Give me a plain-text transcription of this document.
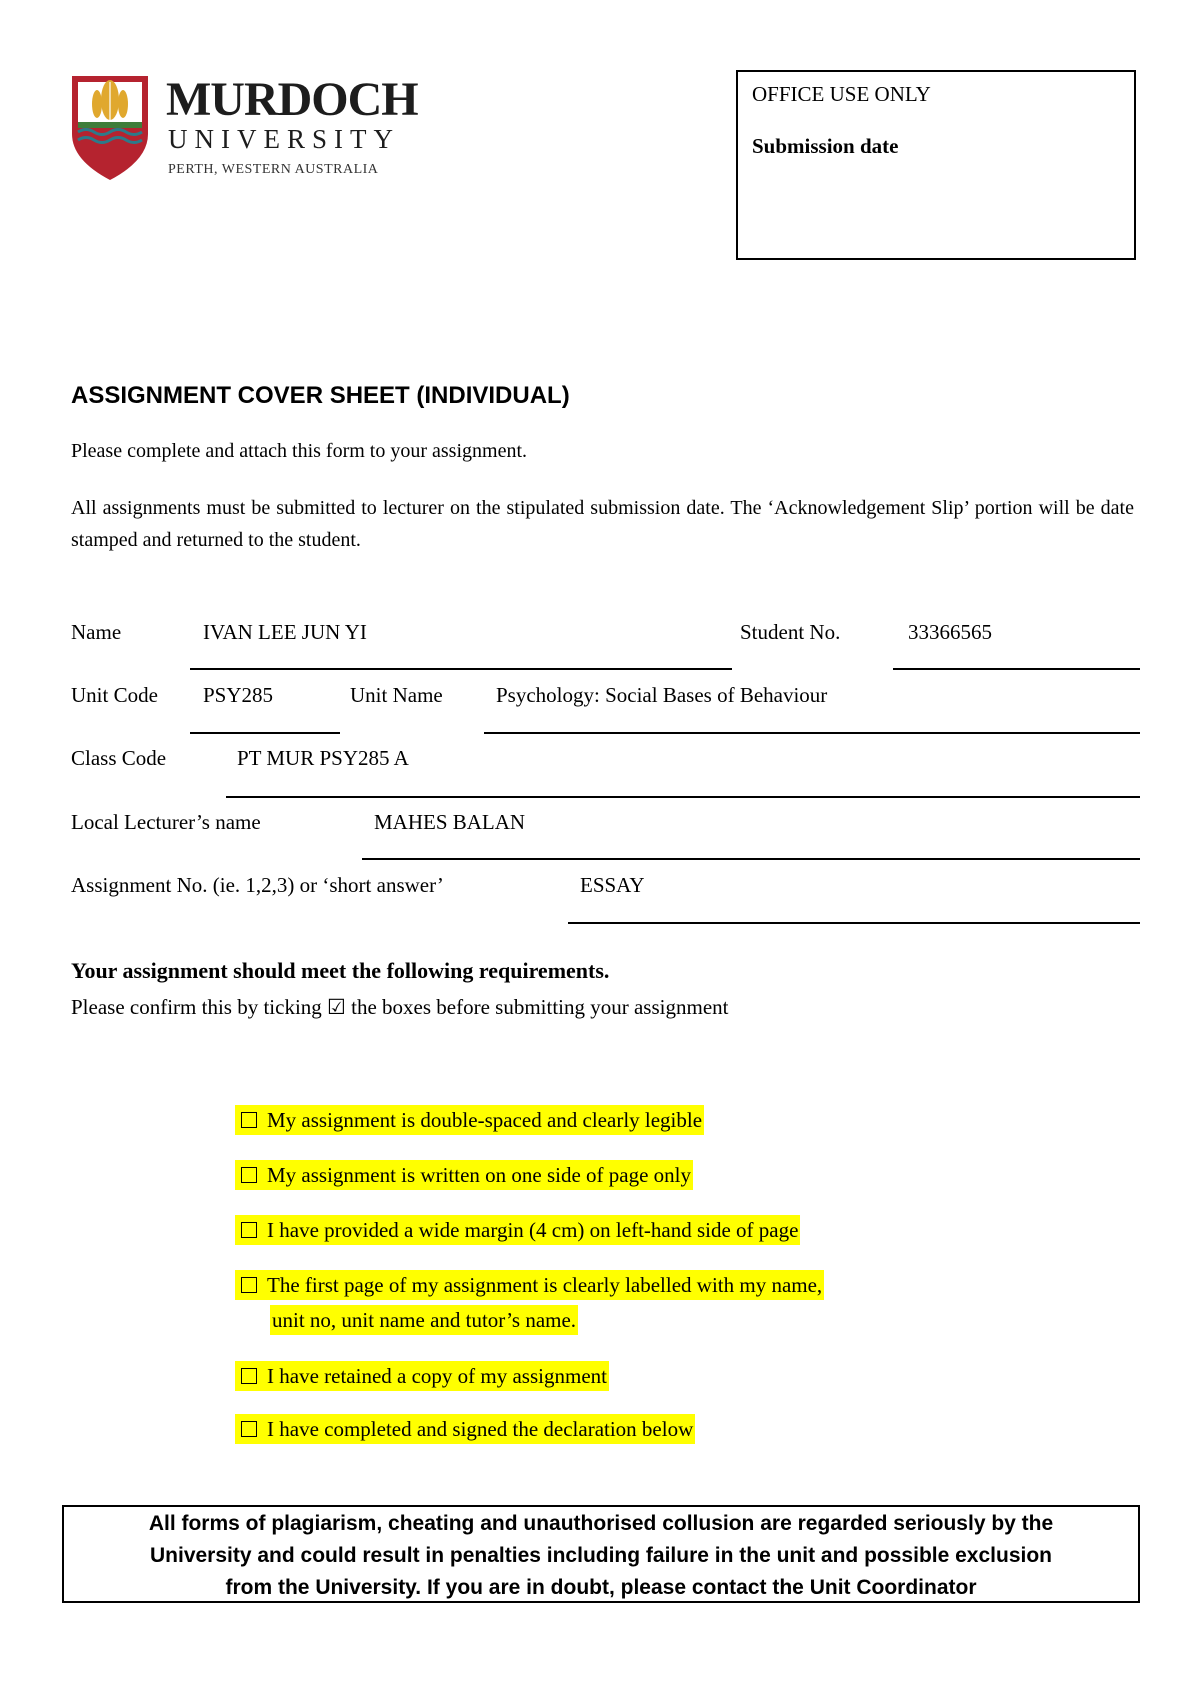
MURDOCH
UNIVERSITY
PERTH, WESTERN AUSTRALIA
OFFICE USE ONLY
Submission date
ASSIGNMENT COVER SHEET (INDIVIDUAL)
Please complete and attach this form to your assignment.
All assignments must be submitted to lecturer on the stipulated submission date. The ‘Acknowledgement Slip’ portion will be date stamped and returned to the student.
Name	IVAN LEE JUN YI	Student No.	33366565
Unit Code PSY285	Unit Name	Psychology: Social Bases of Behaviour
Class Code	PT MUR PSY285 A
Local Lecturer’s name	MAHES BALAN
Assignment No. (ie. 1,2,3) or ‘short answer’	ESSAY
Your assignment should meet the following requirements.
Please confirm this by ticking ☑ the boxes before submitting your assignment
My assignment is double-spaced and clearly legible
My assignment is written on one side of page only
I have provided a wide margin (4 cm) on left-hand side of page
The first page of my assignment is clearly labelled with my name,
unit no, unit name and tutor’s name.
I have retained a copy of my assignment
I have completed and signed the declaration below
All forms of plagiarism, cheating and unauthorised collusion are regarded seriously by the
University and could result in penalties including failure in the unit and possible exclusion
from the University. If you are in doubt, please contact the Unit Coordinator
